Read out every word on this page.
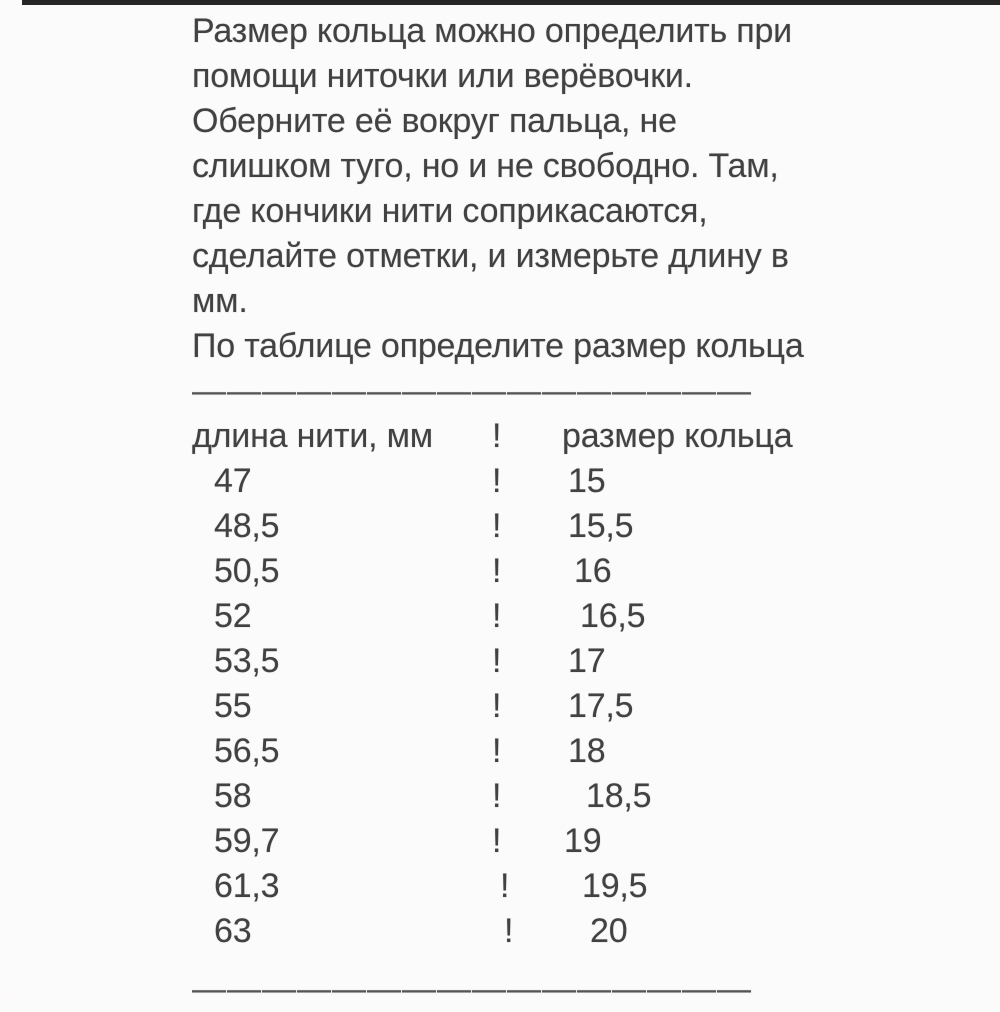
Размер кольца можно определить при
помощи ниточки или верёвочки.
Оберните её вокруг пальца, не
слишком туго, но и не свободно. Там,
где кончики нити соприкасаются,
сделайте отметки, и измерьте длину в
мм.
По таблице определите размер кольца
————————————————
длина нити, мм	!	размер кольца
47	!	15
48,5	!	15,5
50,5	!	16
52	!	16,5
53,5	!	17
55	!	17,5
56,5	!	18
58	!	18,5
59,7	!	19
61,3	!	19,5
63	!	20
————————————————
